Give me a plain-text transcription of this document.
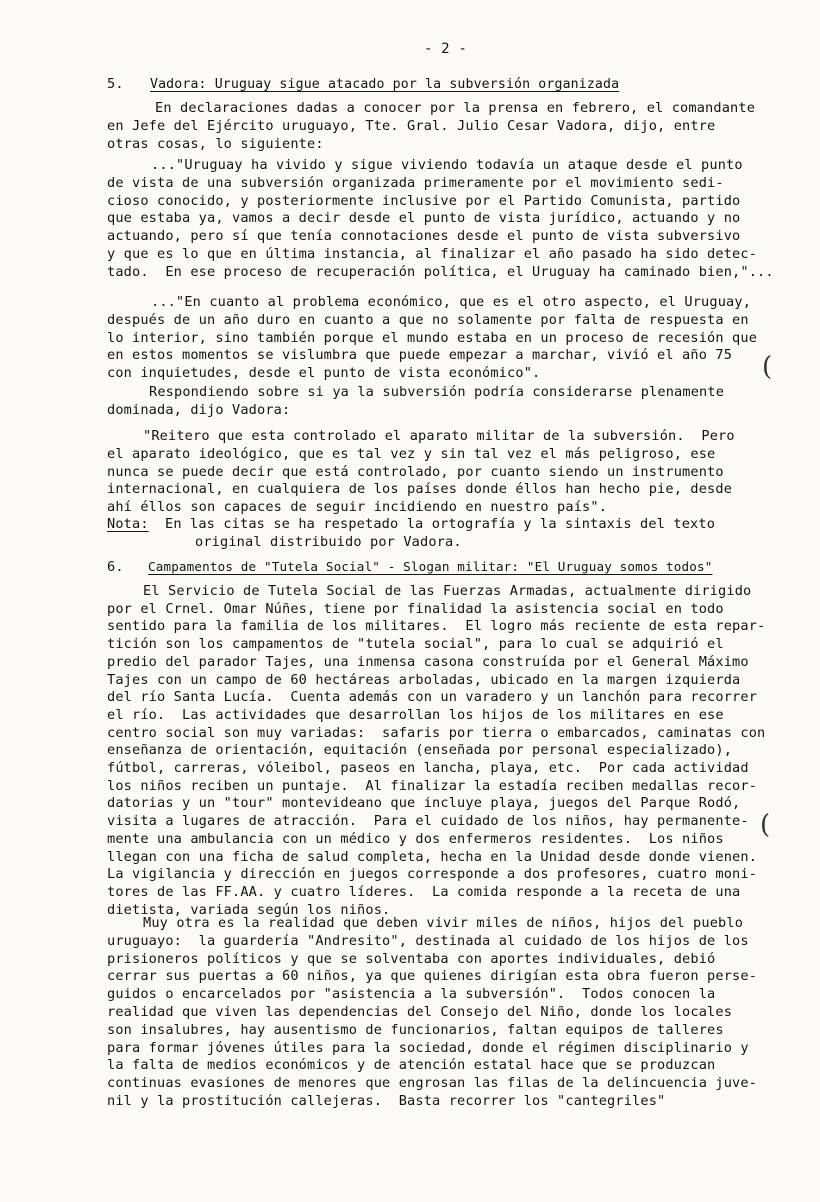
- 2 -
5. Vadora: Uruguay sigue atacado por la subversión organizada
En declaraciones dadas a conocer por la prensa en febrero, el comandante
en Jefe del Ejército uruguayo, Tte. Gral. Julio Cesar Vadora, dijo, entre
otras cosas, lo siguiente:
..."Uruguay ha vivido y sigue viviendo todavía un ataque desde el punto
de vista de una subversión organizada primeramente por el movimiento sedi-
cioso conocido, y posteriormente inclusive por el Partido Comunista, partido
que estaba ya, vamos a decir desde el punto de vista jurídico, actuando y no
actuando, pero sí que tenía connotaciones desde el punto de vista subversivo
y que es lo que en última instancia, al finalizar el año pasado ha sido detec-
tado.  En ese proceso de recuperación política, el Uruguay ha caminado bien,"...
..."En cuanto al problema económico, que es el otro aspecto, el Uruguay,
después de un año duro en cuanto a que no solamente por falta de respuesta en
lo interior, sino también porque el mundo estaba en un proceso de recesión que
en estos momentos se vislumbra que puede empezar a marchar, vivió el año 75
con inquietudes, desde el punto de vista económico".
Respondiendo sobre si ya la subversión podría considerarse plenamente
dominada, dijo Vadora:
"Reitero que esta controlado el aparato militar de la subversión.  Pero
el aparato ideológico, que es tal vez y sin tal vez el más peligroso, ese
nunca se puede decir que está controlado, por cuanto siendo un instrumento
internacional, en cualquiera de los países donde éllos han hecho pie, desde
ahí éllos son capaces de seguir incidiendo en nuestro país".
Nota: En las citas se ha respetado la ortografía y la sintaxis del texto
original distribuido por Vadora.
6. Campamentos de "Tutela Social" - Slogan militar: "El Uruguay somos todos"
El Servicio de Tutela Social de las Fuerzas Armadas, actualmente dirigido
por el Crnel. Omar Núñes, tiene por finalidad la asistencia social en todo
sentido para la familia de los militares.  El logro más reciente de esta repar-
tición son los campamentos de "tutela social", para lo cual se adquirió el
predio del parador Tajes, una inmensa casona construída por el General Máximo
Tajes con un campo de 60 hectáreas arboladas, ubicado en la margen izquierda
del río Santa Lucía.  Cuenta además con un varadero y un lanchón para recorrer
el río.  Las actividades que desarrollan los hijos de los militares en ese
centro social son muy variadas:  safaris por tierra o embarcados, caminatas con
enseñanza de orientación, equitación (enseñada por personal especializado),
fútbol, carreras, vóleibol, paseos en lancha, playa, etc.  Por cada actividad
los niños reciben un puntaje.  Al finalizar la estadía reciben medallas recor-
datorias y un "tour" montevideano que incluye playa, juegos del Parque Rodó,
visita a lugares de atracción.  Para el cuidado de los niños, hay permanente-
mente una ambulancia con un médico y dos enfermeros residentes.  Los niños
llegan con una ficha de salud completa, hecha en la Unidad desde donde vienen.
La vigilancia y dirección en juegos corresponde a dos profesores, cuatro moni-
tores de las FF.AA. y cuatro líderes.  La comida responde a la receta de una
dietista, variada según los niños.
Muy otra es la realidad que deben vivir miles de niños, hijos del pueblo
uruguayo:  la guardería "Andresito", destinada al cuidado de los hijos de los
prisioneros políticos y que se solventaba con aportes individuales, debió
cerrar sus puertas a 60 niños, ya que quienes dirigían esta obra fueron perse-
guidos o encarcelados por "asistencia a la subversión".  Todos conocen la
realidad que viven las dependencias del Consejo del Niño, donde los locales
son insalubres, hay ausentismo de funcionarios, faltan equipos de talleres
para formar jóvenes útiles para la sociedad, donde el régimen disciplinario y
la falta de medios económicos y de atención estatal hace que se produzcan
continuas evasiones de menores que engrosan las filas de la delincuencia juve-
nil y la prostitución callejeras.  Basta recorrer los "cantegriles"
(
(
